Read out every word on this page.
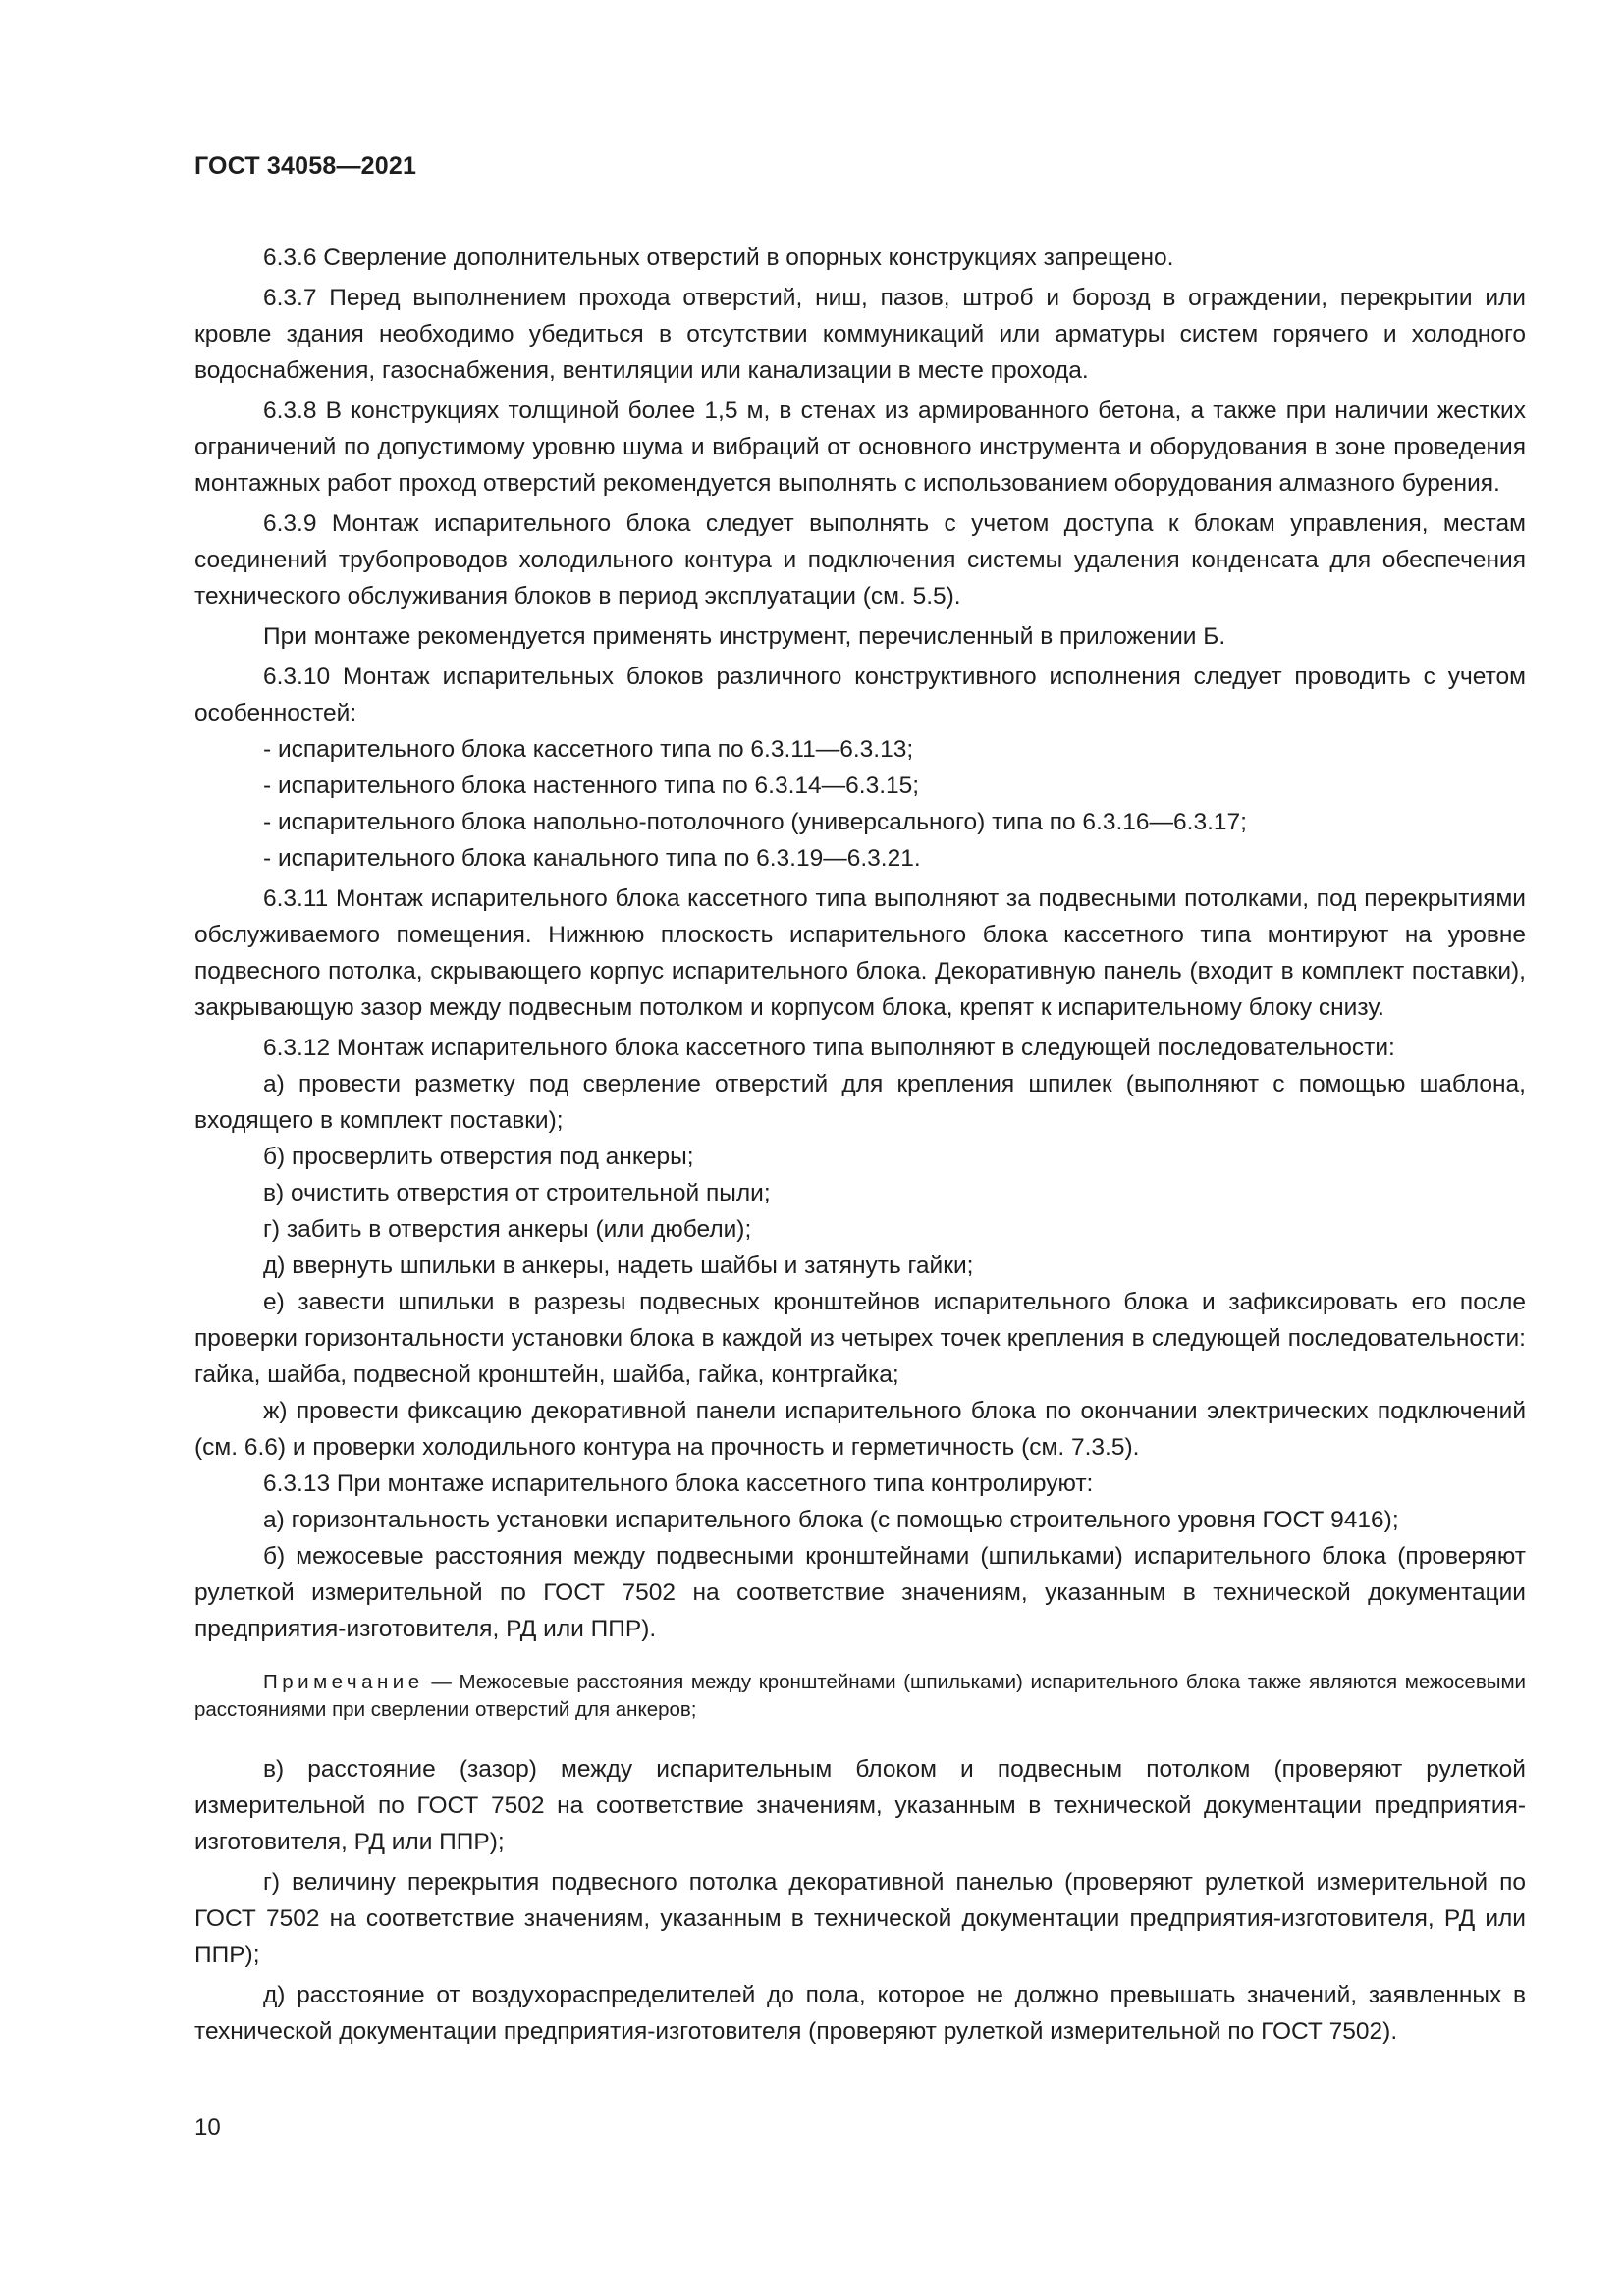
ГОСТ 34058—2021

6.3.6 Сверление дополнительных отверстий в опорных конструкциях запрещено.

6.3.7 Перед выполнением прохода отверстий, ниш, пазов, штроб и борозд в ограждении, перекрытии или кровле здания необходимо убедиться в отсутствии коммуникаций или арматуры систем горячего и холодного водоснабжения, газоснабжения, вентиляции или канализации в месте прохода.

6.3.8 В конструкциях толщиной более 1,5 м, в стенах из армированного бетона, а также при наличии жестких ограничений по допустимому уровню шума и вибраций от основного инструмента и оборудования в зоне проведения монтажных работ проход отверстий рекомендуется выполнять с использованием оборудования алмазного бурения.

6.3.9 Монтаж испарительного блока следует выполнять с учетом доступа к блокам управления, местам соединений трубопроводов холодильного контура и подключения системы удаления конденсата для обеспечения технического обслуживания блоков в период эксплуатации (см. 5.5).

При монтаже рекомендуется применять инструмент, перечисленный в приложении Б.

6.3.10 Монтаж испарительных блоков различного конструктивного исполнения следует проводить с учетом особенностей:

- испарительного блока кассетного типа по 6.3.11—6.3.13;

- испарительного блока настенного типа по 6.3.14—6.3.15;

- испарительного блока напольно-потолочного (универсального) типа по 6.3.16—6.3.17;

- испарительного блока канального типа по 6.3.19—6.3.21.

6.3.11 Монтаж испарительного блока кассетного типа выполняют за подвесными потолками, под перекрытиями обслуживаемого помещения. Нижнюю плоскость испарительного блока кассетного типа монтируют на уровне подвесного потолка, скрывающего корпус испарительного блока. Декоративную панель (входит в комплект поставки), закрывающую зазор между подвесным потолком и корпусом блока, крепят к испарительному блоку снизу.

6.3.12 Монтаж испарительного блока кассетного типа выполняют в следующей последовательности:

а) провести разметку под сверление отверстий для крепления шпилек (выполняют с помощью шаблона, входящего в комплект поставки);

б) просверлить отверстия под анкеры;

в) очистить отверстия от строительной пыли;

г) забить в отверстия анкеры (или дюбели);

д) ввернуть шпильки в анкеры, надеть шайбы и затянуть гайки;

е) завести шпильки в разрезы подвесных кронштейнов испарительного блока и зафиксировать его после проверки горизонтальности установки блока в каждой из четырех точек крепления в следующей последовательности: гайка, шайба, подвесной кронштейн, шайба, гайка, контргайка;

ж) провести фиксацию декоративной панели испарительного блока по окончании электрических подключений (см. 6.6) и проверки холодильного контура на прочность и герметичность (см. 7.3.5).

6.3.13 При монтаже испарительного блока кассетного типа контролируют:

а) горизонтальность установки испарительного блока (с помощью строительного уровня ГОСТ 9416);

б) межосевые расстояния между подвесными кронштейнами (шпильками) испарительного блока (проверяют рулеткой измерительной по ГОСТ 7502 на соответствие значениям, указанным в технической документации предприятия-изготовителя, РД или ППР).

Примечание — Межосевые расстояния между кронштейнами (шпильками) испарительного блока также являются межосевыми расстояниями при сверлении отверстий для анкеров;

в) расстояние (зазор) между испарительным блоком и подвесным потолком (проверяют рулеткой измерительной по ГОСТ 7502 на соответствие значениям, указанным в технической документации предприятия-изготовителя, РД или ППР);

г) величину перекрытия подвесного потолка декоративной панелью (проверяют рулеткой измерительной по ГОСТ 7502 на соответствие значениям, указанным в технической документации предприятия-изготовителя, РД или ППР);

д) расстояние от воздухораспределителей до пола, которое не должно превышать значений, заявленных в технической документации предприятия-изготовителя (проверяют рулеткой измерительной по ГОСТ 7502).

10
